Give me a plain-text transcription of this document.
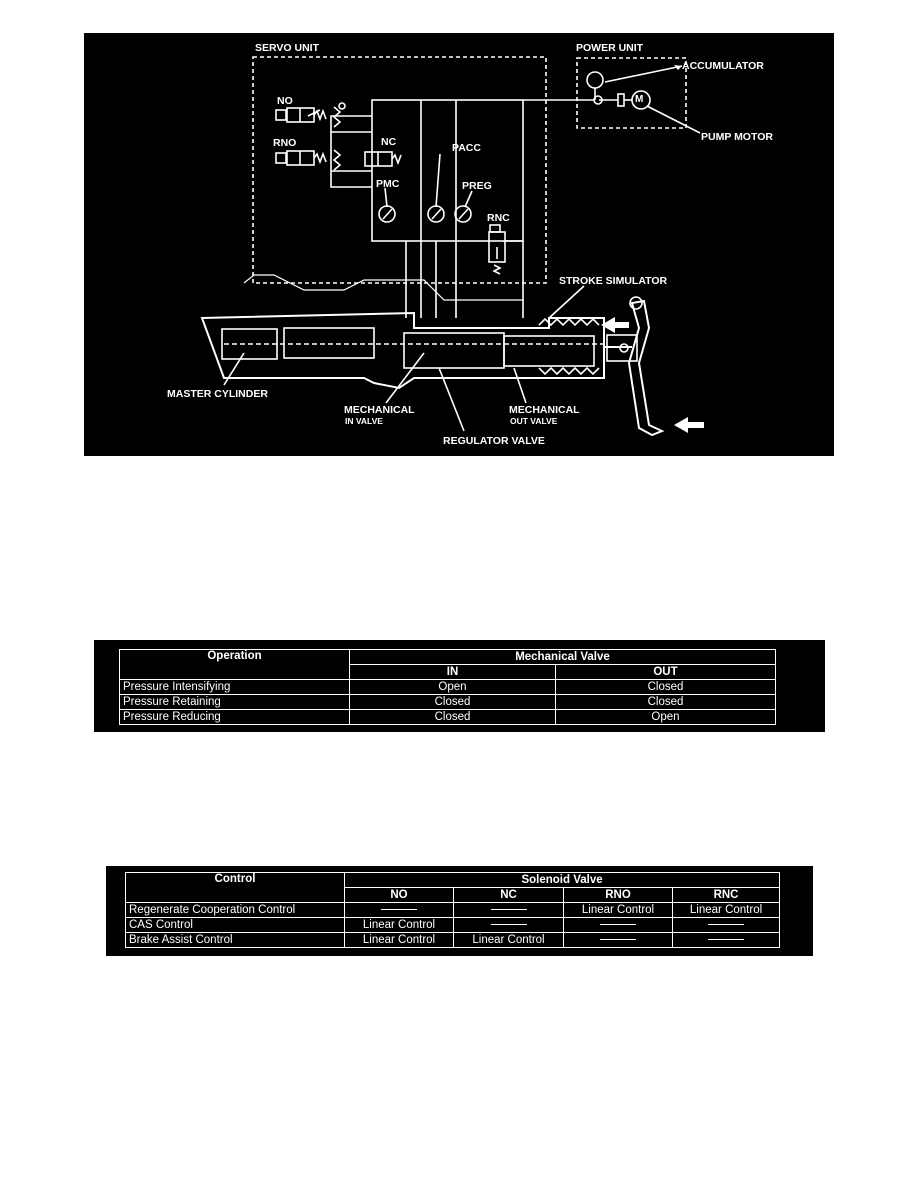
SERVO UNIT	POWER UNIT
ACCUMULATOR
PUMP MOTOR
M
NO
RNO	NC	PACC
PMC	PREG
RNC
STROKE SIMULATOR
MASTER CYLINDER
MECHANICAL
IN VALVE
MECHANICAL
OUT VALVE
REGULATOR VALVE
Operation	Mechanical Valve	
	IN	OUT
Pressure Intensifying	Open	Closed
Pressure Retaining	Closed	Closed
Pressure Reducing	Closed	Open
Control	Solenoid Valve			
	NO	NC	RNO	RNC
Regenerate Cooperation Control			Linear Control	Linear Control
CAS Control	Linear Control			
Brake Assist Control	Linear Control	Linear Control		
